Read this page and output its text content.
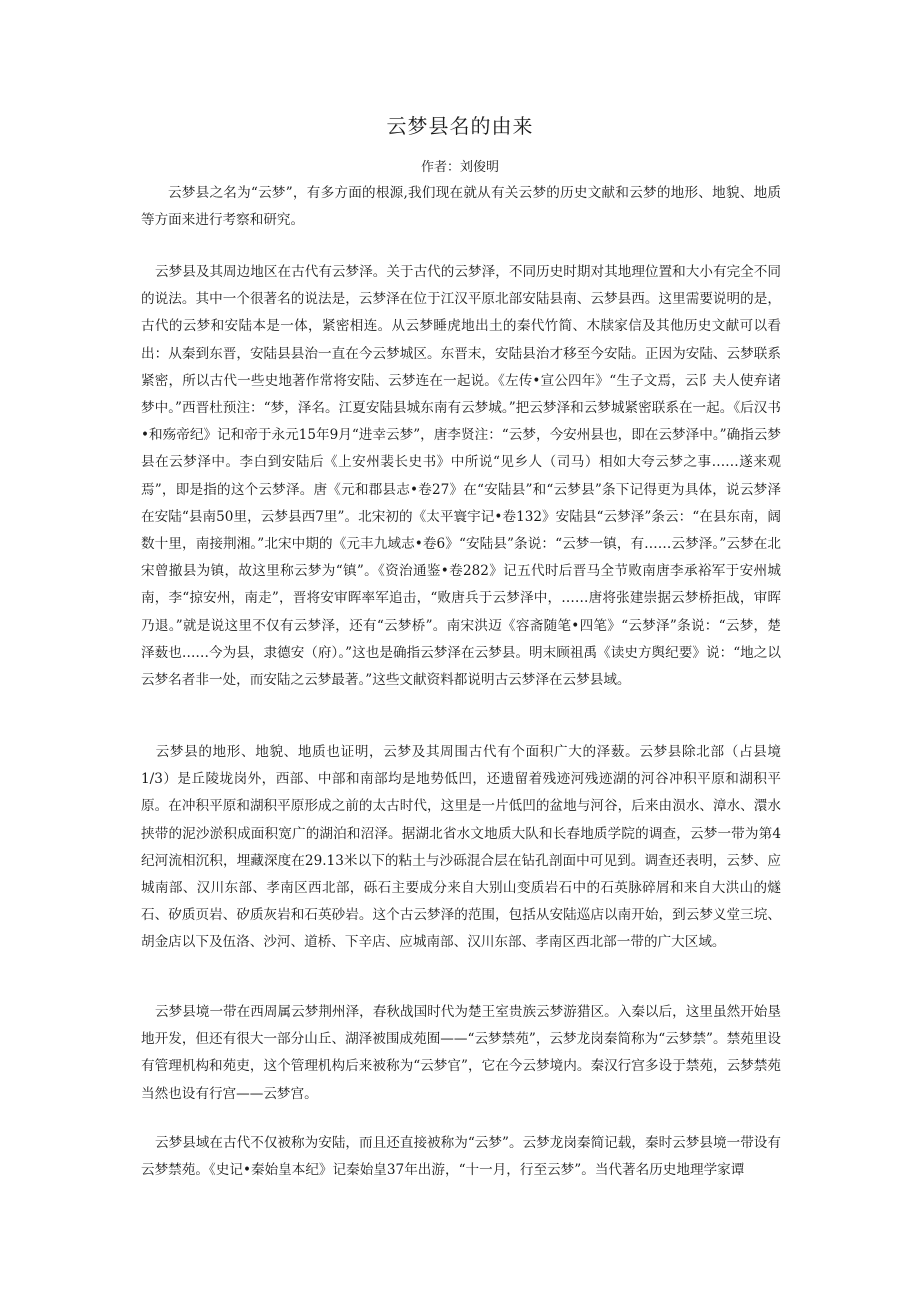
云梦县名的由来

作者：刘俊明

云梦县之名为“云梦”，有多方面的根源,我们现在就从有关云梦的历史文献和云梦的地形、地貌、地质等方面来进行考察和研究。

云梦县及其周边地区在古代有云梦泽。关于古代的云梦泽，不同历史时期对其地理位置和大小有完全不同的说法。其中一个很著名的说法是，云梦泽在位于江汉平原北部安陆县南、云梦县西。这里需要说明的是，古代的云梦和安陆本是一体，紧密相连。从云梦睡虎地出土的秦代竹简、木牍家信及其他历史文献可以看出：从秦到东晋，安陆县县治一直在今云梦城区。东晋末，安陆县治才移至今安陆。正因为安陆、云梦联系紧密，所以古代一些史地著作常将安陆、云梦连在一起说。《左传•宣公四年》“生子文焉，云阝夫人使弃诸梦中。”西晋杜预注：“梦，泽名。江夏安陆县城东南有云梦城。”把云梦泽和云梦城紧密联系在一起。《后汉书•和殇帝纪》记和帝于永元15年9月“进幸云梦”，唐李贤注：“云梦，今安州县也，即在云梦泽中。”确指云梦县在云梦泽中。李白到安陆后《上安州裴长史书》中所说“见乡人（司马）相如大夸云梦之事……遂来观焉”，即是指的这个云梦泽。唐《元和郡县志•卷27》在“安陆县”和“云梦县”条下记得更为具体，说云梦泽在安陆“县南50里，云梦县西7里”。北宋初的《太平寰宇记•卷132》安陆县“云梦泽”条云：“在县东南，阔数十里，南接荆湘。”北宋中期的《元丰九域志•卷6》“安陆县”条说：“云梦一镇，有……云梦泽。”云梦在北宋曾撤县为镇，故这里称云梦为“镇”。《资治通鉴•卷282》记五代时后晋马全节败南唐李承裕军于安州城南，李“掠安州，南走”，晋将安审晖率军追击，“败唐兵于云梦泽中，……唐将张建崇据云梦桥拒战，审晖乃退。”就是说这里不仅有云梦泽，还有“云梦桥”。南宋洪迈《容斋随笔•四笔》“云梦泽”条说：“云梦，楚泽薮也……今为县，隶德安（府）。”这也是确指云梦泽在云梦县。明末顾祖禹《读史方舆纪要》说：“地之以云梦名者非一处，而安陆之云梦最著。”这些文献资料都说明古云梦泽在云梦县域。
云梦县的地形、地貌、地质也证明，云梦及其周围古代有个面积广大的泽薮。云梦县除北部（占县境1/3）是丘陵垅岗外，西部、中部和南部均是地势低凹，还遗留着残迹河残迹湖的河谷冲积平原和湖积平原。在冲积平原和湖积平原形成之前的太古时代，这里是一片低凹的盆地与河谷，后来由涢水、漳水、澴水挟带的泥沙淤积成面积宽广的湖泊和沼泽。据湖北省水文地质大队和长春地质学院的调查，云梦一带为第4纪河流相沉积，埋藏深度在29.13米以下的粘土与沙砾混合层在钻孔剖面中可见到。调查还表明，云梦、应城南部、汉川东部、孝南区西北部，砾石主要成分来自大别山变质岩石中的石英脉碎屑和来自大洪山的燧石、矽质页岩、矽质灰岩和石英砂岩。这个古云梦泽的范围，包括从安陆巡店以南开始，到云梦义堂三垸、胡金店以下及伍洛、沙河、道桥、下辛店、应城南部、汉川东部、孝南区西北部一带的广大区域。
云梦县境一带在西周属云梦荆州泽，春秋战国时代为楚王室贵族云梦游猎区。入秦以后，这里虽然开始垦地开发，但还有很大一部分山丘、湖泽被围成苑囿——“云梦禁苑”，云梦龙岗秦简称为“云梦禁”。禁苑里设有管理机构和苑吏，这个管理机构后来被称为“云梦官”，它在今云梦境内。秦汉行宫多设于禁苑，云梦禁苑当然也设有行宫——云梦宫。
云梦县域在古代不仅被称为安陆，而且还直接被称为“云梦”。云梦龙岗秦简记载，秦时云梦县境一带设有云梦禁苑。《史记•秦始皇本纪》记秦始皇37年出游，“十一月，行至云梦”。当代著名历史地理学家谭
